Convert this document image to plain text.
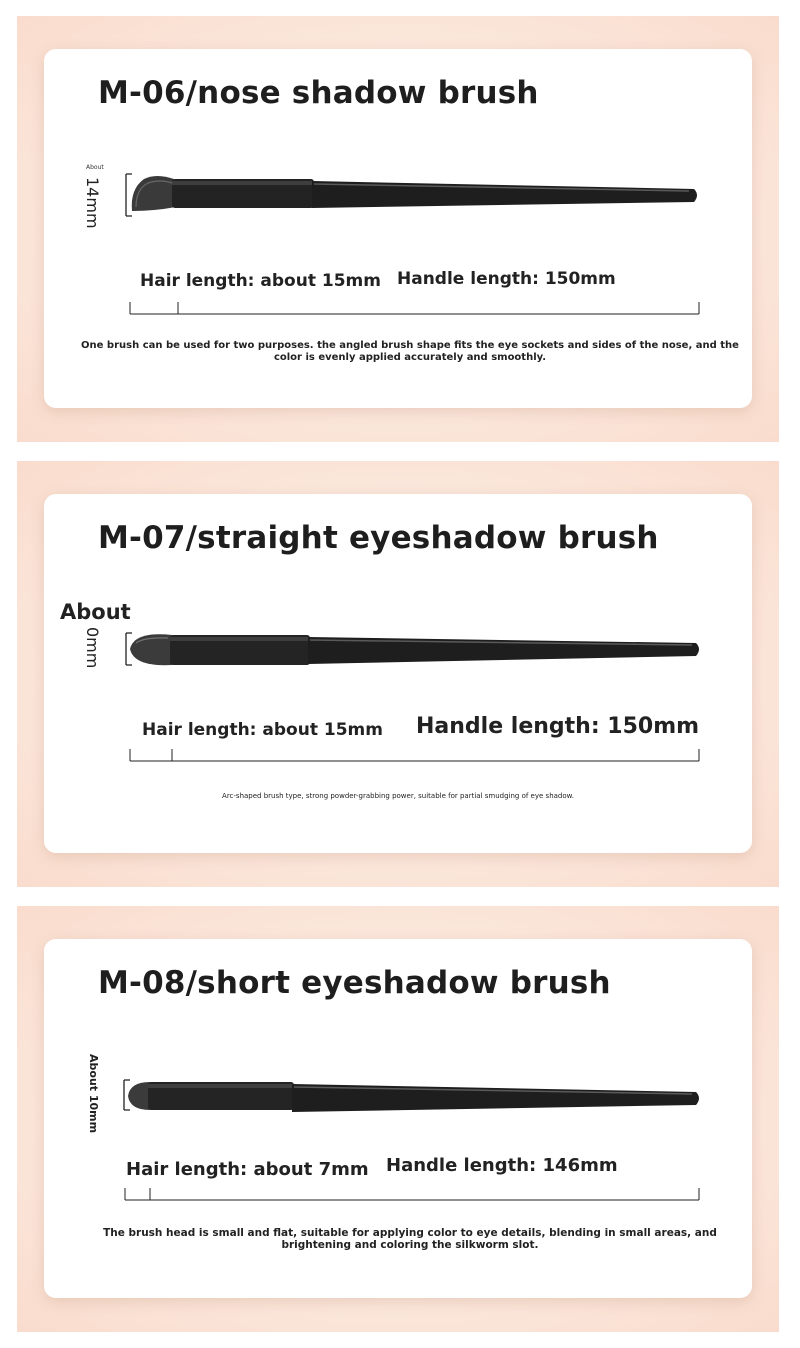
M-06/nose shadow brush
About
14mm
Hair length: about 15mm Handle length: 150mm
One brush can be used for two purposes. the angled brush shape fits the eye sockets and sides of the nose, and the color is evenly applied accurately and smoothly.
M-07/straight eyeshadow brush
About
0mm
Hair length: about 15mm Handle length: 150mm
Arc-shaped brush type, strong powder-grabbing power, suitable for partial smudging of eye shadow.
M-08/short eyeshadow brush
About 10mm
Hair length: about 7mm Handle length: 146mm
The brush head is small and flat, suitable for applying color to eye details, blending in small areas, and brightening and coloring the silkworm slot.
